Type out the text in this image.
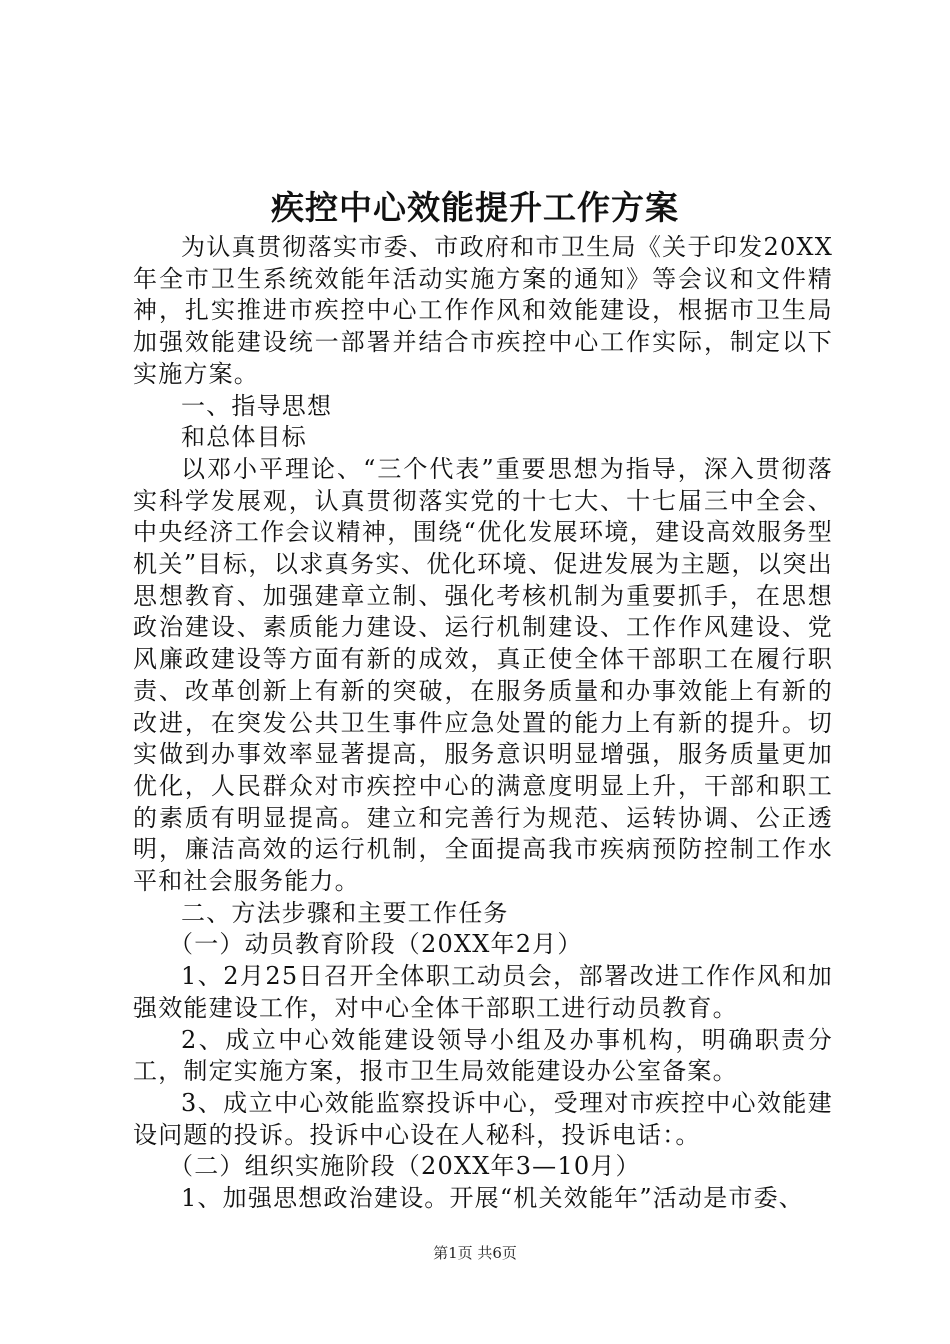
疾控中心效能提升工作方案

为认真贯彻落实市委、市政府和市卫生局《关于印发20XX年全市卫生系统效能年活动实施方案的通知》等会议和文件精神，扎实推进市疾控中心工作作风和效能建设，根据市卫生局加强效能建设统一部署并结合市疾控中心工作实际，制定以下实施方案。

一、指导思想

和总体目标

以邓小平理论、“三个代表”重要思想为指导，深入贯彻落实科学发展观，认真贯彻落实党的十七大、十七届三中全会、中央经济工作会议精神，围绕“优化发展环境，建设高效服务型机关”目标，以求真务实、优化环境、促进发展为主题，以突出思想教育、加强建章立制、强化考核机制为重要抓手，在思想政治建设、素质能力建设、运行机制建设、工作作风建设、党风廉政建设等方面有新的成效，真正使全体干部职工在履行职责、改革创新上有新的突破，在服务质量和办事效能上有新的改进，在突发公共卫生事件应急处置的能力上有新的提升。切实做到办事效率显著提高，服务意识明显增强，服务质量更加优化，人民群众对市疾控中心的满意度明显上升，干部和职工的素质有明显提高。建立和完善行为规范、运转协调、公正透明，廉洁高效的运行机制，全面提高我市疾病预防控制工作水平和社会服务能力。

二、方法步骤和主要工作任务

（一）动员教育阶段（20XX年2月）

1、2月25日召开全体职工动员会，部署改进工作作风和加强效能建设工作，对中心全体干部职工进行动员教育。

2、成立中心效能建设领导小组及办事机构，明确职责分工，制定实施方案，报市卫生局效能建设办公室备案。

3、成立中心效能监察投诉中心，受理对市疾控中心效能建设问题的投诉。投诉中心设在人秘科，投诉电话：。

（二）组织实施阶段（20XX年3—10月）

1、加强思想政治建设。开展“机关效能年”活动是市委、

第1页 共6页
